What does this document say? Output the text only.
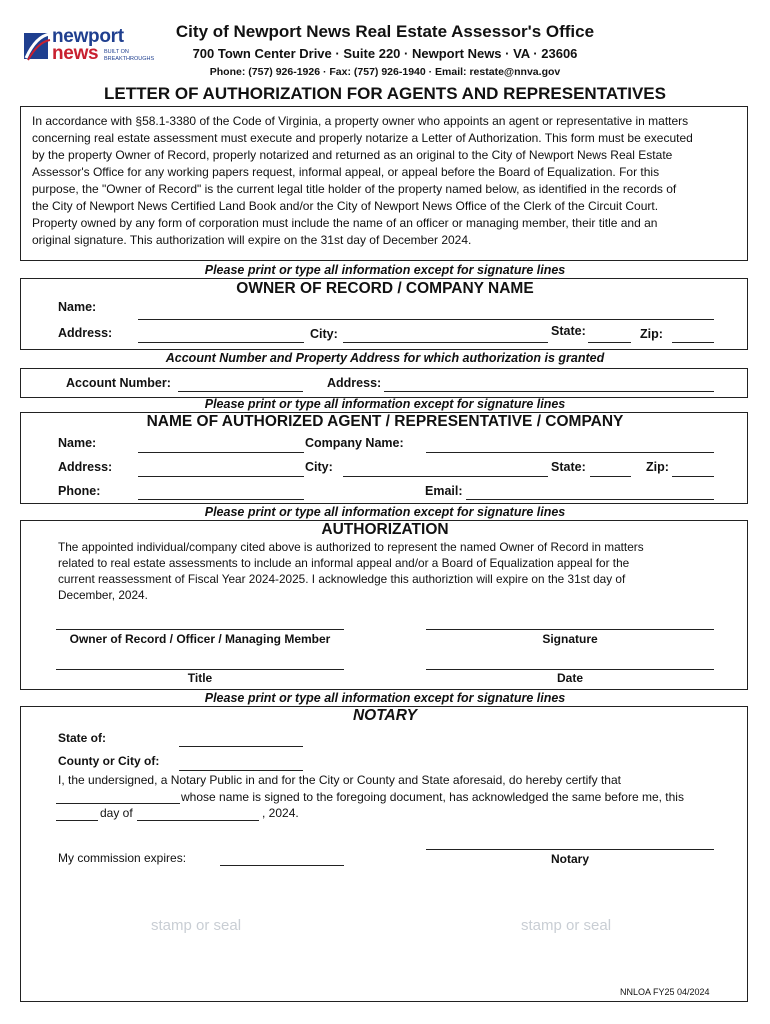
newport
news BUILT ON
BREAKTHROUGHS
City of Newport News Real Estate Assessor's Office
700 Town Center Drive · Suite 220 · Newport News · VA · 23606
Phone: (757) 926-1926 · Fax: (757) 926-1940 · Email: restate@nnva.gov
LETTER OF AUTHORIZATION FOR AGENTS AND REPRESENTATIVES
In accordance with §58.1-3380 of the Code of Virginia, a property owner who appoints an agent or representative in matters
concerning real estate assessment must execute and properly notarize a Letter of Authorization. This form must be executed
by the property Owner of Record, properly notarized and returned as an original to the City of Newport News Real Estate
Assessor's Office for any working papers request, informal appeal, or appeal before the Board of Equalization. For this
purpose, the "Owner of Record" is the current legal title holder of the property named below, as identified in the records of
the City of Newport News Certified Land Book and/or the City of Newport News Office of the Clerk of the Circuit Court.
Property owned by any form of corporation must include the name of an officer or managing member, their title and an
original signature. This authorization will expire on the 31st day of December 2024.
Please print or type all information except for signature lines
OWNER OF RECORD / COMPANY NAME
Name:
Address:	City:	State:	Zip:
Account Number and Property Address for which authorization is granted
Account Number:	Address:
Please print or type all information except for signature lines
NAME OF AUTHORIZED AGENT / REPRESENTATIVE / COMPANY
Name:	Company Name:
Address:	City:	State:	Zip:
Phone:	Email:
Please print or type all information except for signature lines
AUTHORIZATION
The appointed individual/company cited above is authorized to represent the named Owner of Record in matters
related to real estate assessments to include an informal appeal and/or a Board of Equalization appeal for the
current reassessment of Fiscal Year 2024-2025. I acknowledge this authoriztion will expire on the 31st day of
December, 2024.
Owner of Record / Officer / Managing Member	Signature
Title	Date
Please print or type all information except for signature lines
NOTARY
State of:
County or City of:
I, the undersigned, a Notary Public in and for the City or County and State aforesaid, do hereby certify that
whose name is signed to the foregoing document, has acknowledged the same before me, this
day of	, 2024.
My commission expires:	Notary
stamp or seal	stamp or seal
NNLOA FY25 04/2024
